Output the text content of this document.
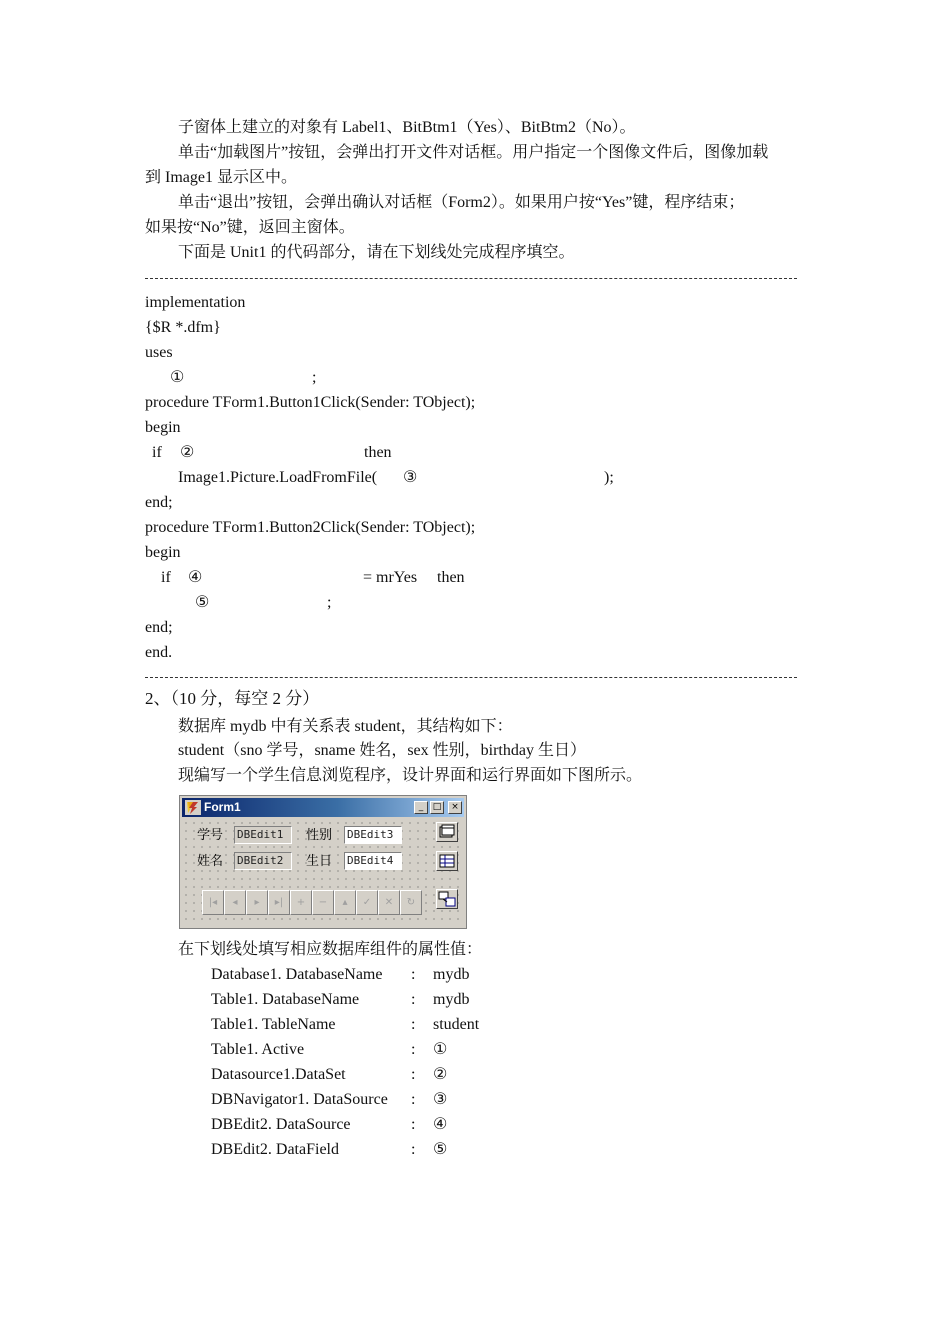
子窗体上建立的对象有 Label1、BitBtm1（Yes）、BitBtm2（No）。
单击“加载图片”按钮，会弹出打开文件对话框。用户指定一个图像文件后，图像加载
到 Image1 显示区中。
单击“退出”按钮，会弹出确认对话框（Form2）。如果用户按“Yes”键，程序结束；
如果按“No”键，返回主窗体。
下面是 Unit1 的代码部分，请在下划线处完成程序填空。
implementation
{$R *.dfm}
uses
①	;
procedure TForm1.Button1Click(Sender: TObject);
begin
if ②	then
Image1.Picture.LoadFromFile( ③	);
end;
procedure TForm1.Button2Click(Sender: TObject);
begin
if ④	= mrYes then
⑤	;
end;
end.
2、（10 分，每空 2 分）
数据库 mydb 中有关系表 student，其结构如下：
student（sno 学号，sname 姓名，sex 性别，birthday 生日）
现编写一个学生信息浏览程序，设计界面和运行界面如下图所示。
Form1	_	□	×
学号 DBEdit1	性别 DBEdit3
姓名 DBEdit2	生日 DBEdit4
|◂	◂	▸	▸|	+	−	▴	✓	✕	↻
在下划线处填写相应数据库组件的属性值：
Database1. DatabaseName : mydb
Table1. DatabaseName	: mydb
Table1. TableName	: student
Table1. Active	: ①
Datasource1.DataSet	: ②
DBNavigator1. DataSource : ③
DBEdit2. DataSource	: ④
DBEdit2. DataField	: ⑤
